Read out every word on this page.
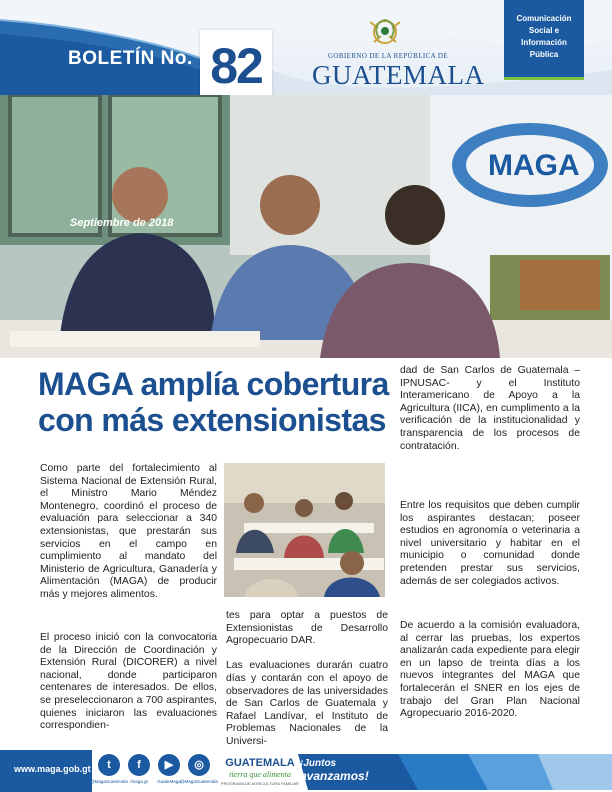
BOLETÍN No. 82	GOBIERNO DE LA REPÚBLICA DE
GUATEMALA
Comunicación
Social e
Información
Pública
MAGA
Septiembre de 2018
MAGA amplía cobertura
con más extensionistas

Como parte del fortalecimiento al Sistema Nacional de Extensión Rural, el Ministro Mario Méndez Montenegro, coordinó el proceso de evaluación para seleccionar a 340 extensionistas, que prestarán sus servicios en el campo en cumplimiento al mandato del Ministerio de Agricultura, Ganadería y Alimentación (MAGA) de producir más y mejores alimentos.

El proceso inició con la convocatoria de la Dirección de Coordinación y Extensión Rural (DICORER) a nivel nacional, donde participaron centenares de interesados. De ellos, se preseleccionaron a 700 aspirantes, quienes iniciaron las evaluaciones correspondien-

tes para optar a puestos de Extensionistas de Desarrollo Agropecuario DAR.

Las evaluaciones durarán cuatro días y contarán con el apoyo de observadores de las universidades de San Carlos de Guatemala y Rafael Landívar, el Instituto de Problemas Nacionales de la Universi-

dad de San Carlos de Guatemala –IPNUSAC- y el Instituto Interamericano de Apoyo a la Agricultura (IICA), en cumplimento a la verificación de la institucionalidad y transparencia de los procesos de contratación.

Entre los requisitos que deben cumplir los aspirantes destacan; poseer estudios en agronomía o veterinaria a nivel universitario y habitar en el municipio o comunidad donde pretenden prestar sus servicios, además de ser colegiados activos.

De acuerdo a la comisión evaluadora, al cerrar las pruebas, los expertos analizarán cada expediente para elegir en un lapso de treinta días a los nuevos integrantes del MAGA que fortalecerán el SNER en los ejes de trabajo del Gran Plan Nacional Agropecuario 2016-2020.

www.maga.gob.gt	t
@MagaGuatemala
f
/maga.gt
▶
GuateMaga
◎
@MagaGuatemala
GUATEMALA
tierra que alimenta
PROGRAMA DE AGRICULTURA FAMILIAR
¡Juntos
avanzamos!
